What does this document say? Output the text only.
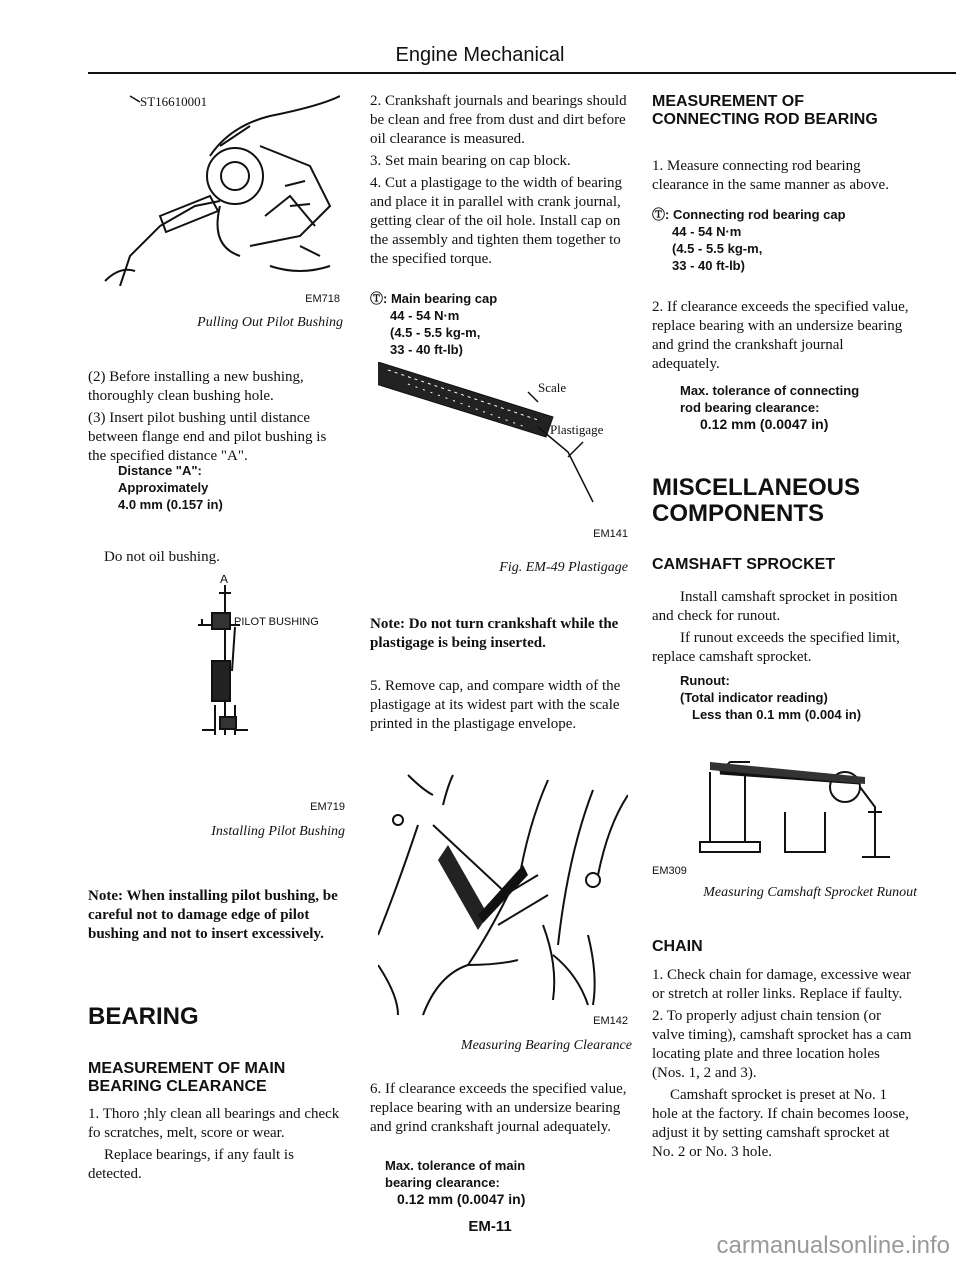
Engine Mechanical
ST16610001
EM718
Pulling Out Pilot Bushing

(2) Before installing a new bushing, thoroughly clean bushing hole.

(3) Insert pilot bushing until distance between flange end and pilot bushing is the specified distance "A".

Distance "A":
Approximately
4.0 mm (0.157 in)
Do not oil bushing.
A
PILOT BUSHING
EM719
Installing Pilot Bushing
Note: When installing pilot bushing, be careful not to damage edge of pilot bushing and not to insert excessively.
BEARING
MEASUREMENT OF MAIN BEARING CLEARANCE

1. Thoro ;hly clean all bearings and check fo scratches, melt, score or wear.

Replace bearings, if any fault is detected.

2. Crankshaft journals and bearings should be clean and free from dust and dirt before oil clearance is measured.

3. Set main bearing on cap block.

4. Cut a plastigage to the width of bearing and place it in parallel with crank journal, getting clear of the oil hole. Install cap on the assembly and tighten them together to the specified torque.

Ⓣ: Main bearing cap
44 - 54 N·m
(4.5 - 5.5 kg-m,
33 - 40 ft-lb)
Scale
Plastigage
EM141
Fig. EM-49 Plastigage
Note: Do not turn crankshaft while the plastigage is being inserted.
5. Remove cap, and compare width of the plastigage at its widest part with the scale printed in the plastigage envelope.
EM142
Measuring Bearing Clearance
6. If clearance exceeds the specified value, replace bearing with an undersize bearing and grind crankshaft journal adequately.
Max. tolerance of main
bearing clearance:
0.12 mm (0.0047 in)
MEASUREMENT OF CONNECTING ROD BEARING
1. Measure connecting rod bearing clearance in the same manner as above.
Ⓣ: Connecting rod bearing cap
44 - 54 N·m
(4.5 - 5.5 kg-m,
33 - 40 ft-lb)
2. If clearance exceeds the specified value, replace bearing with an undersize bearing and grind the crankshaft journal adequately.
Max. tolerance of connecting
rod bearing clearance:
0.12 mm (0.0047 in)
MISCELLANEOUS COMPONENTS
CAMSHAFT SPROCKET

Install camshaft sprocket in position and check for runout.

If runout exceeds the specified limit, replace camshaft sprocket.

Runout:
(Total indicator reading)
Less than 0.1 mm (0.004 in)
EM309
Measuring Camshaft Sprocket Runout
CHAIN

1. Check chain for damage, excessive wear or stretch at roller links. Replace if faulty.

2. To properly adjust chain tension (or valve timing), camshaft sprocket has a cam locating plate and three location holes (Nos. 1, 2 and 3).

Camshaft sprocket is preset at No. 1 hole at the factory. If chain becomes loose, adjust it by setting camshaft sprocket at No. 2 or No. 3 hole.

EM-11
carmanualsonline.info
